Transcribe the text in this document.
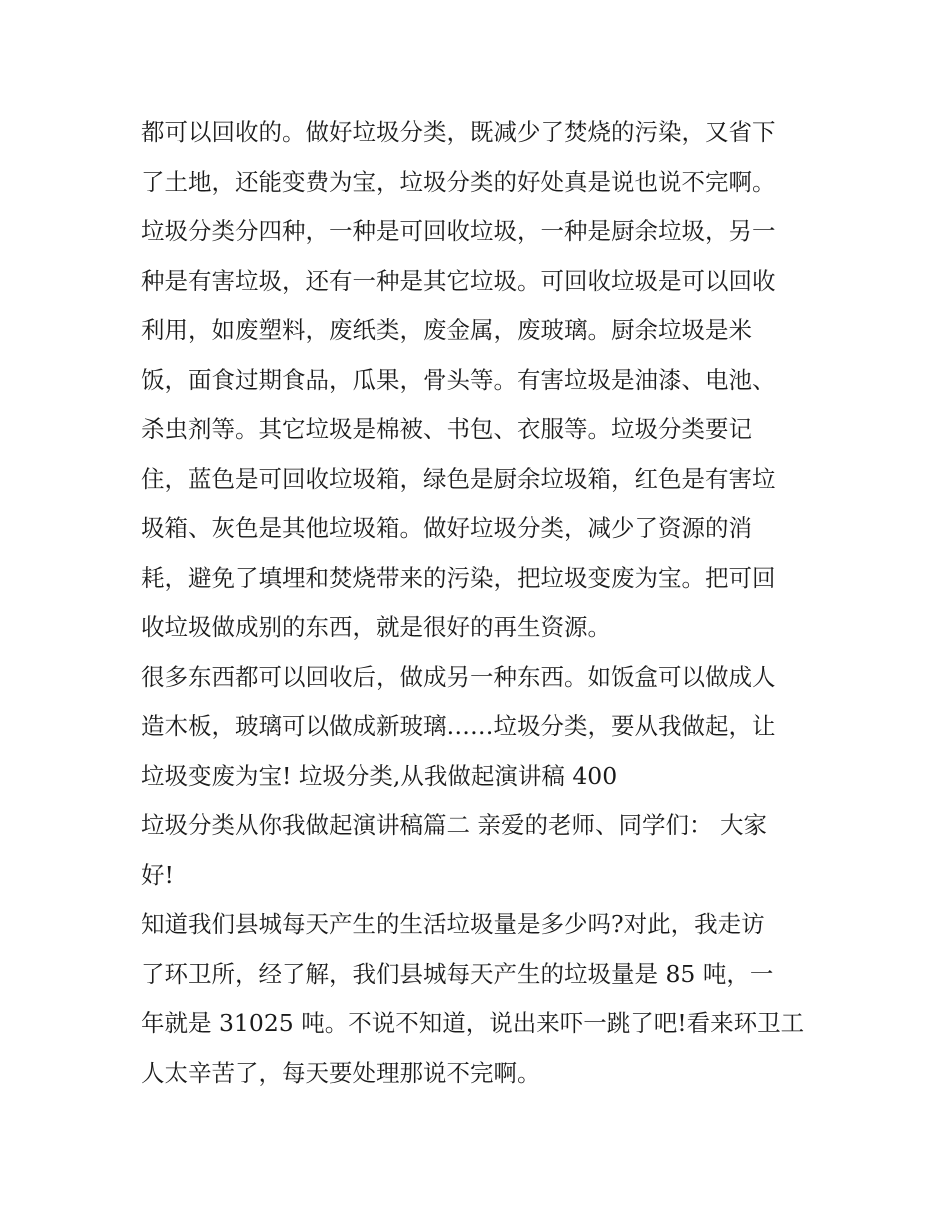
都可以回收的。做好垃圾分类，既减少了焚烧的污染，又省下
了土地，还能变费为宝，垃圾分类的好处真是说也说不完啊。
垃圾分类分四种，一种是可回收垃圾，一种是厨余垃圾，另一
种是有害垃圾，还有一种是其它垃圾。可回收垃圾是可以回收
利用，如废塑料，废纸类，废金属，废玻璃。厨余垃圾是米
饭，面食过期食品，瓜果，骨头等。有害垃圾是油漆、电池、
杀虫剂等。其它垃圾是棉被、书包、衣服等。垃圾分类要记
住，蓝色是可回收垃圾箱，绿色是厨余垃圾箱，红色是有害垃
圾箱、灰色是其他垃圾箱。做好垃圾分类，减少了资源的消
耗，避免了填埋和焚烧带来的污染，把垃圾变废为宝。把可回
收垃圾做成别的东西，就是很好的再生资源。
很多东西都可以回收后，做成另一种东西。如饭盒可以做成人
造木板，玻璃可以做成新玻璃……垃圾分类，要从我做起，让
垃圾变废为宝! 垃圾分类,从我做起演讲稿 400
垃圾分类从你我做起演讲稿篇二 亲爱的老师、同学们： 大家
好!
知道我们县城每天产生的生活垃圾量是多少吗?对此，我走访
了环卫所，经了解，我们县城每天产生的垃圾量是 85 吨，一
年就是 31025 吨。不说不知道，说出来吓一跳了吧!看来环卫工
人太辛苦了，每天要处理那说不完啊。
